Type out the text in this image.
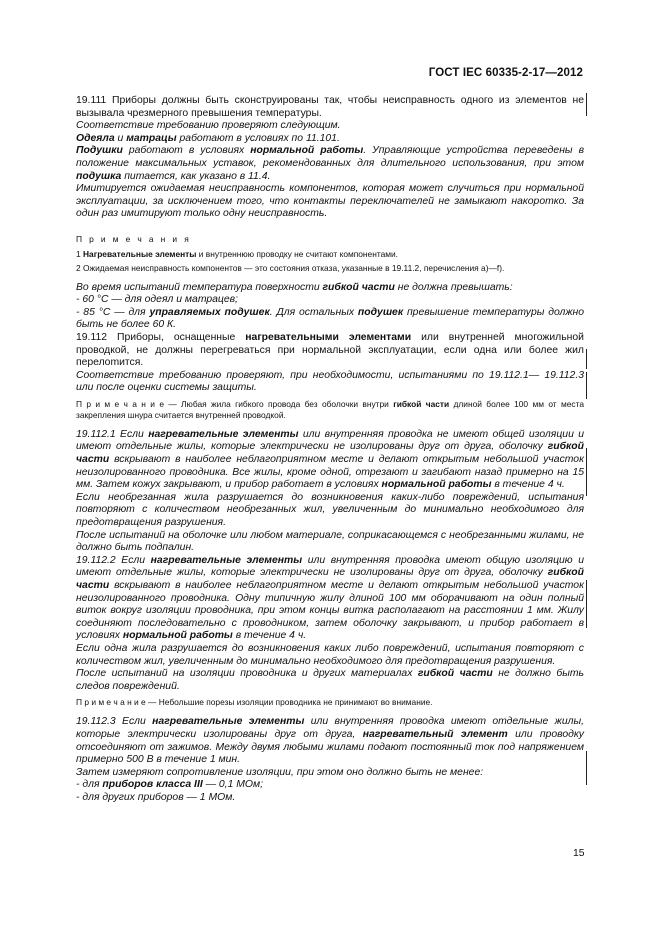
ГОСТ IEC 60335-2-17—2012

19.111 Приборы должны быть сконструированы так, чтобы неисправность одного из элементов не вызывала чрезмерного превышения температуры.

Соответствие требованию проверяют следующим.

Одеяла и матрацы работают в условиях по 11.101.

Подушки работают в условиях нормальной работы. Управляющие устройства переведены в положение максимальных уставок, рекомендованных для длительного использования, при этом подушка питается, как указано в 11.4.

Имитируется ожидаемая неисправность компонентов, которая может случиться при нормальной эксплуатации, за исключением того, что контакты переключателей не замыкают накоротко. За один раз имитируют только одну неисправность.

П р и м е ч а н и я

1 Нагревательные элементы и внутреннюю проводку не считают компонентами.

2 Ожидаемая неисправность компонентов — это состояния отказа, указанные в 19.11.2, перечисления а)—f).

Во время испытаний температура поверхности гибкой части не должна превышать:

- 60 °С — для одеял и матрацев;

- 85 °С — для управляемых подушек. Для остальных подушек превышение температуры должно быть не более 60 К.

19.112 Приборы, оснащенные нагревательными элементами или внутренней многожильной проводкой, не должны перегреваться при нормальной эксплуатации, если одна или более жил перелomится.

Соответствие требованию проверяют, при необходимости, испытаниями по 19.112.1— 19.112.3 или после оценки системы защиты.

П р и м е ч а н и е — Любая жила гибкого провода без оболочки внутри гибкой части длиной более 100 мм от места закрепления шнура считается внутренней проводкой.

19.112.1 Если нагревательные элементы или внутренняя проводка не имеют общей изоляции и имеют отдельные жилы, которые электрически не изолированы друг от друга, оболочку гибкой части вскрывают в наиболее неблагоприятном месте и делают открытым небольшой участок неизолированного проводника. Все жилы, кроме одной, отрезают и загибают назад примерно на 15 мм. Затем кожух закрывают, и прибор работает в условиях нормальной работы в течение 4 ч.

Если необрезанная жила разрушается до возникновения каких-либо повреждений, испытания повторяют с количеством необрезанных жил, увеличенным до минимально необходимого для предотвращения разрушения.

После испытаний на оболочке или любом материале, соприкасающемся с необрезанными жилами, не должно быть подпалин.

19.112.2 Если нагревательные элементы или внутренняя проводка имеют общую изоляцию и имеют отдельные жилы, которые электрически не изолированы друг от друга, оболочку гибкой части вскрывают в наиболее неблагоприятном месте и делают открытым небольшой участок неизолированного проводника. Одну типичную жилу длиной 100 мм оборачивают на один полный виток вокруг изоляции проводника, при этом концы витка располагают на расстоянии 1 мм. Жилу соединяют последовательно с проводником, затем оболочку закрывают, и прибор работает в условиях нормальной работы в течение 4 ч.

Если одна жила разрушается до возникновения каких либо повреждений, испытания повторяют с количеством жил, увеличенным до минимально необходимого для предотвращения разрушения.

После испытаний на изоляции проводника и других материалах гибкой части не должно быть следов повреждений.

П р и м е ч а н и е — Небольшие порезы изоляции проводника не принимают во внимание.

19.112.3 Если нагревательные элементы или внутренняя проводка имеют отдельные жилы, которые электрически изолированы друг от друга, нагревательный элемент или проводку отсоединяют от зажимов. Между двумя любыми жилами подают постоянный ток под напряжением примерно 500 В в течение 1 мин.

Затем измеряют сопротивление изоляции, при этом оно должно быть не менее:

- для приборов класса III — 0,1 МОм;

- для других приборов — 1 МОм.

15
